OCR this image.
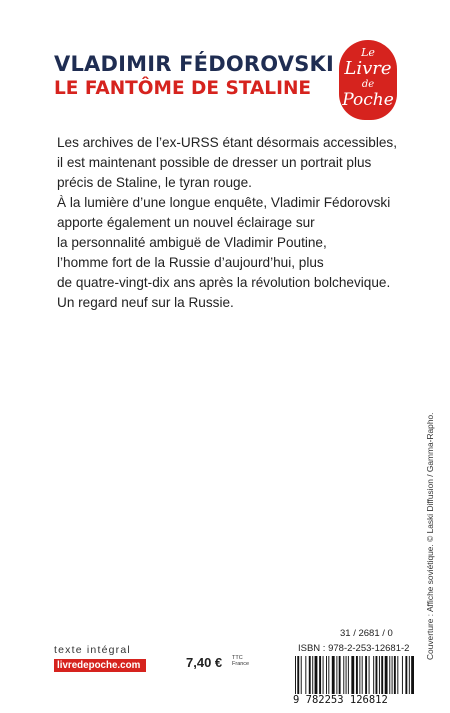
VLADIMIR FÉDOROVSKI
LE FANTÔME DE STALINE
Le
Livre
de
Poche
Les archives de l’ex-URSS étant désormais accessibles,
il est maintenant possible de dresser un portrait plus
précis de Staline, le tyran rouge.
À la lumière d’une longue enquête, Vladimir Fédorovski
apporte également un nouvel éclairage sur
la personnalité ambiguë de Vladimir Poutine,
l’homme fort de la Russie d’aujourd’hui, plus
de quatre-vingt-dix ans après la révolution bolchevique.
Un regard neuf sur la Russie.
Couverture : Affiche soviétique. © Laski Diffusion / Gamma-Rapho.
texte intégral
livredepoche.com	7,40 € TTC
France
31 / 2681 / 0
ISBN : 978-2-253-12681-2
9 782253 126812
